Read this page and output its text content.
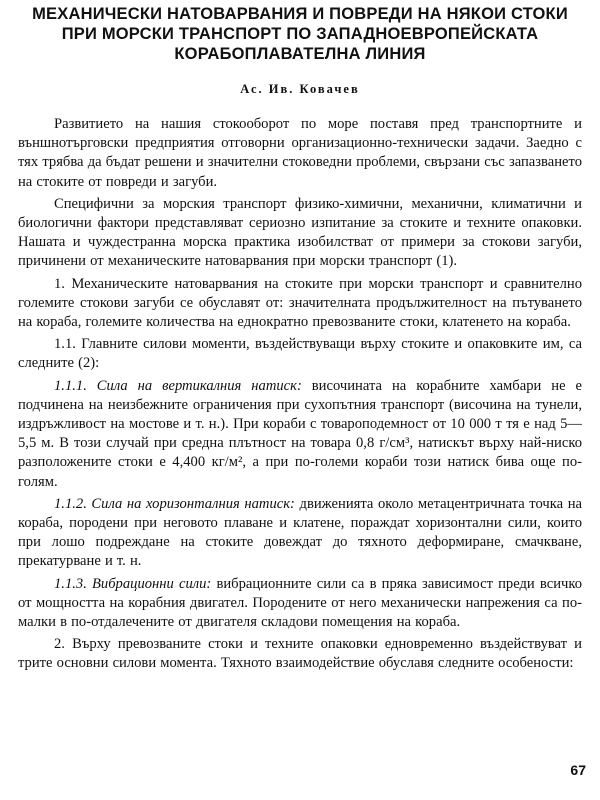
МЕХАНИЧЕСКИ НАТОВАРВАНИЯ И ПОВРЕДИ НА НЯКОИ СТОКИ
ПРИ МОРСКИ ТРАНСПОРТ ПО ЗАПАДНОЕВРОПЕЙСКАТА
КОРАБОПЛАВАТЕЛНА ЛИНИЯ
Ас. Ив. Ковачев

Развитието на нашия стокооборот по море поставя пред транспортните и външнотърговски предприятия отговорни организационно-технически задачи. Заедно с тях трябва да бъдат решени и значителни стоковедни проблеми, свързани със запазването на стоките от повреди и загуби.

Специфични за морския транспорт физико-химични, механични, климатични и биологични фактори представляват сериозно изпитание за стоките и техните опаковки. Нашата и чуждестранна морска практика изобилстват от примери за стокови загуби, причинени от механическите натоварвания при морски транспорт (1).

1. Механическите натоварвания на стоките при морски транспорт и сравнително големите стокови загуби се обуславят от: значителната продължителност на пътуването на кораба, големите количества на еднократно превозваните стоки, клатенето на кораба.

1.1. Главните силови моменти, въздействуващи върху стоките и опаковките им, са следните (2):

1.1.1. Сила на вертикалния натиск: височината на корабните хамбари не е подчинена на неизбежните ограничения при сухопътния транспорт (височина на тунели, издръжливост на мостове и т. н.). При кораби с товароподемност от 10 000 т тя е над 5—5,5 м. В този случай при средна плътност на товара 0,8 г/см³, натискът върху най-ниско разположените стоки е 4,400 кг/м², а при по-големи кораби този натиск бива още по-голям.

1.1.2. Сила на хоризонталния натиск: движенията около метацентричната точка на кораба, породени при неговото плаване и клатене, пораждат хоризонтални сили, които при лошо подреждане на стоките довеждат до тяхното деформиране, смачкване, прекатурване и т. н.

1.1.3. Вибрационни сили: вибрационните сили са в пряка зависимост преди всичко от мощността на корабния двигател. Породените от него механически напрежения са по-малки в по-отдалечените от двигателя складови помещения на кораба.

2. Върху превозваните стоки и техните опаковки едновременно въздействуват и трите основни силови момента. Тяхното взаимодействие обуславя следните особености:

67
